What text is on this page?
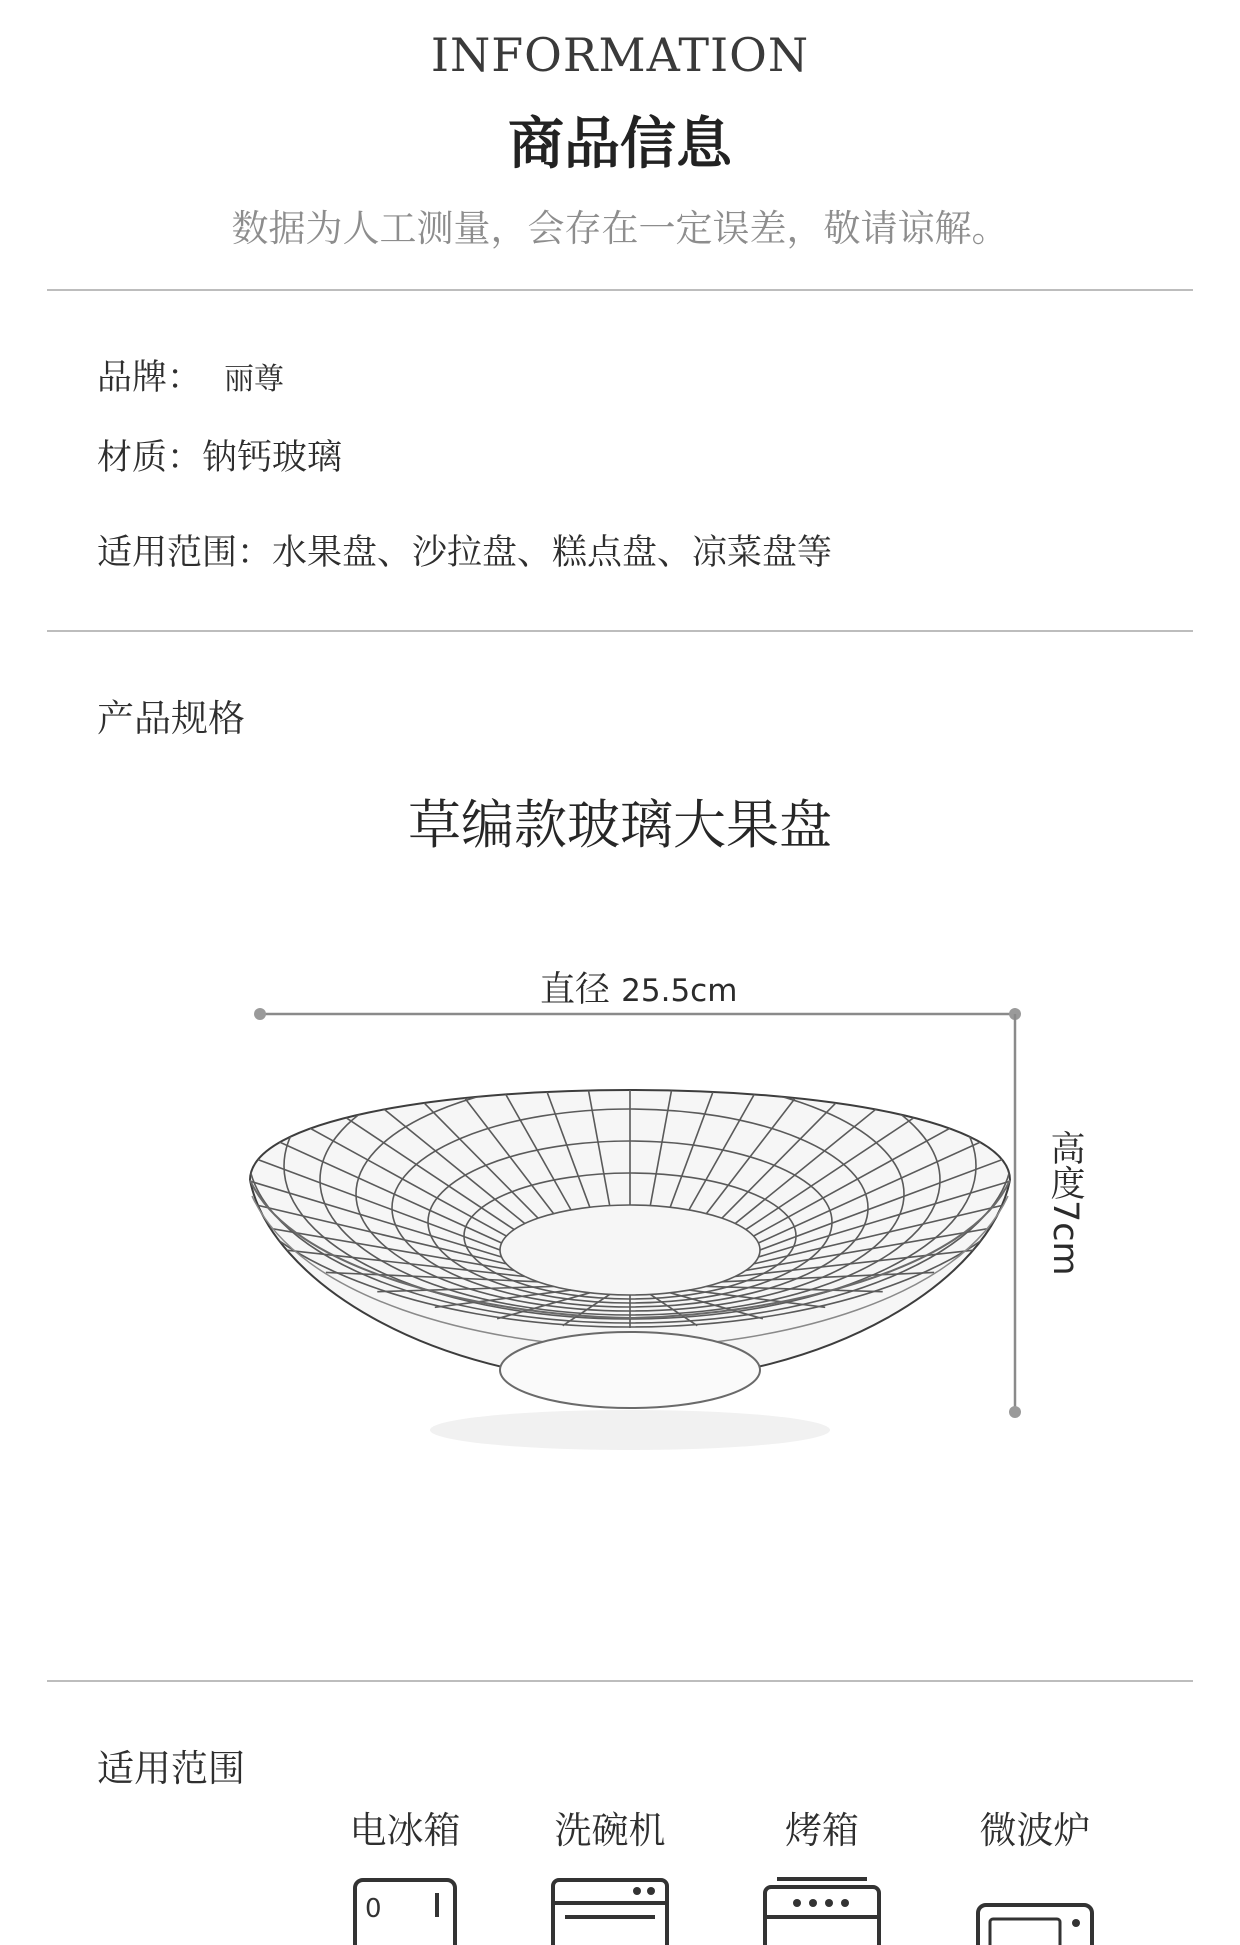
INFORMATION
商品信息
数据为人工测量，会存在一定误差，敬请谅解。
品牌： 丽尊
材质：钠钙玻璃
适用范围：水果盘、沙拉盘、糕点盘、凉菜盘等
产品规格
草编款玻璃大果盘
直径 25.5cm
高度7cm
适用范围
电冰箱
0
洗碗机	烤箱	微波炉
